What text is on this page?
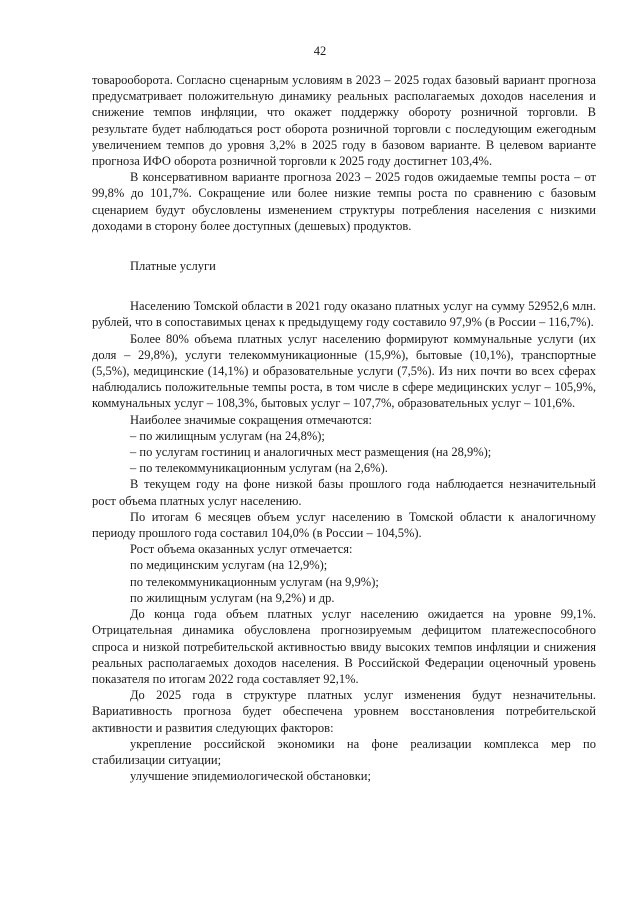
42

товарооборота. Согласно сценарным условиям в 2023 – 2025 годах базовый вариант прогноза предусматривает положительную динамику реальных располагаемых доходов населения и снижение темпов инфляции, что окажет поддержку обороту розничной торговли. В результате будет наблюдаться рост оборота розничной торговли с последующим ежегодным увеличением темпов до уровня 3,2% в 2025 году в базовом варианте. В целевом варианте прогноза ИФО оборота розничной торговли к 2025 году достигнет 103,4%.

В консервативном варианте прогноза 2023 – 2025 годов ожидаемые темпы роста – от 99,8% до 101,7%. Сокращение или более низкие темпы роста по сравнению с базовым сценарием будут обусловлены изменением структуры потребления населения с низкими доходами в сторону более доступных (дешевых) продуктов.

Платные услуги

Населению Томской области в 2021 году оказано платных услуг на сумму 52952,6 млн. рублей, что в сопоставимых ценах к предыдущему году составило 97,9% (в России – 116,7%).

Более 80% объема платных услуг населению формируют коммунальные услуги (их доля – 29,8%), услуги телекоммуникационные (15,9%), бытовые (10,1%), транспортные (5,5%), медицинские (14,1%) и образовательные услуги (7,5%). Из них почти во всех сферах наблюдались положительные темпы роста, в том числе в сфере медицинских услуг – 105,9%, коммунальных услуг – 108,3%, бытовых услуг – 107,7%, образовательных услуг – 101,6%.

Наиболее значимые сокращения отмечаются:

– по жилищным услугам (на 24,8%);

– по услугам гостиниц и аналогичных мест размещения (на 28,9%);

– по телекоммуникационным услугам (на 2,6%).

В текущем году на фоне низкой базы прошлого года наблюдается незначительный рост объема платных услуг населению.

По итогам 6 месяцев объем услуг населению в Томской области к аналогичному периоду прошлого года составил 104,0% (в России – 104,5%).

Рост объема оказанных услуг отмечается:

по медицинским услугам (на 12,9%);

по телекоммуникационным услугам (на 9,9%);

по жилищным услугам (на 9,2%) и др.

До конца года объем платных услуг населению ожидается на уровне 99,1%. Отрицательная динамика обусловлена прогнозируемым дефицитом платежеспособного спроса и низкой потребительской активностью ввиду высоких темпов инфляции и снижения реальных располагаемых доходов населения. В Российской Федерации оценочный уровень показателя по итогам 2022 года составляет 92,1%.

До 2025 года в структуре платных услуг изменения будут незначительны. Вариативность прогноза будет обеспечена уровнем восстановления потребительской активности и развития следующих факторов:

укрепление российской экономики на фоне реализации комплекса мер по стабилизации ситуации;

улучшение эпидемиологической обстановки;
